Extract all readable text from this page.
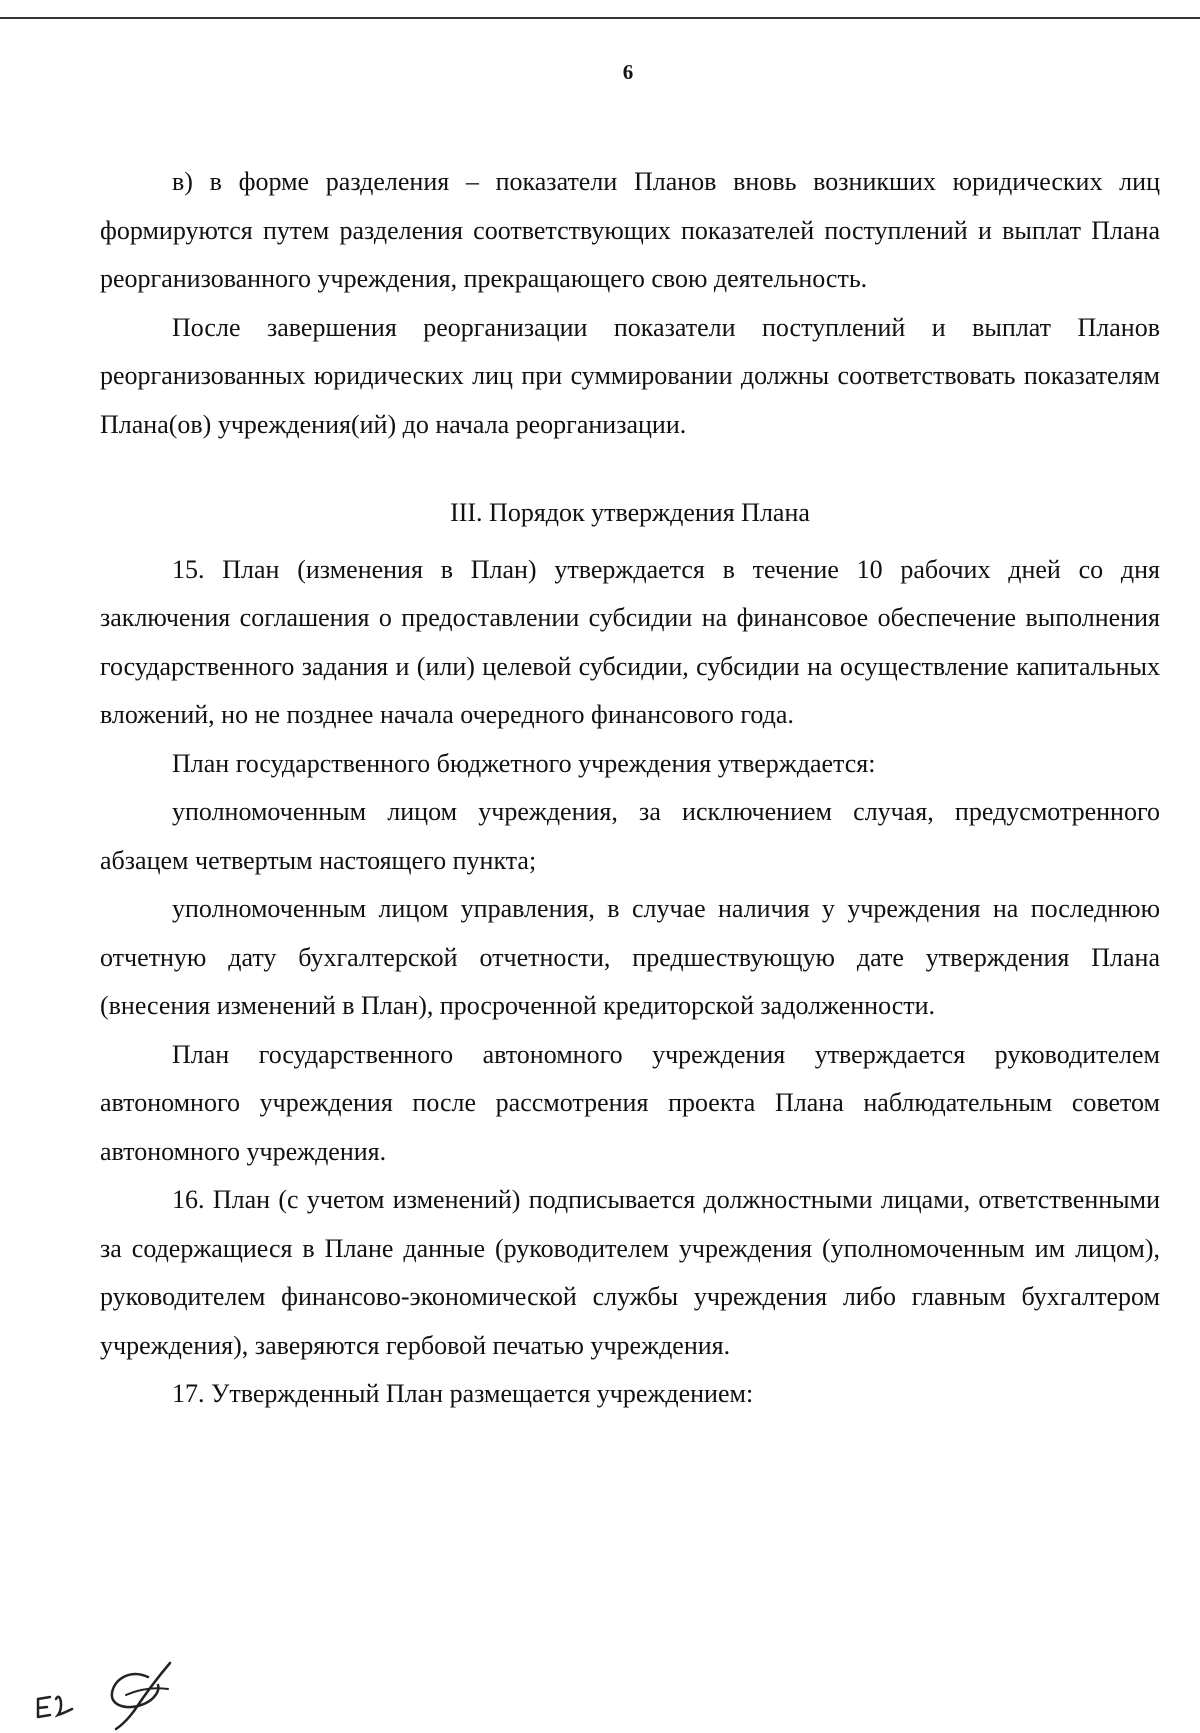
6

в) в форме разделения – показатели Планов вновь возникших юридических лиц формируются путем разделения соответствующих показателей поступлений и выплат Плана реорганизованного учреждения, прекращающего свою деятельность.

После завершения реорганизации показатели поступлений и выплат Планов реорганизованных юридических лиц при суммировании должны соответствовать показателям Плана(ов) учреждения(ий) до начала реорганизации.

III. Порядок утверждения Плана

15. План (изменения в План) утверждается в течение 10 рабочих дней со дня заключения соглашения о предоставлении субсидии на финансовое обеспечение выполнения государственного задания и (или) целевой субсидии, субсидии на осуществление капитальных вложений, но не позднее начала очередного финансового года.

План государственного бюджетного учреждения утверждается:

уполномоченным лицом учреждения, за исключением случая, предусмотренного абзацем четвертым настоящего пункта;

уполномоченным лицом управления, в случае наличия у учреждения на последнюю отчетную дату бухгалтерской отчетности, предшествующую дате утверждения Плана (внесения изменений в План), просроченной кредиторской задолженности.

План государственного автономного учреждения утверждается руководителем автономного учреждения после рассмотрения проекта Плана наблюдательным советом автономного учреждения.

16. План (с учетом изменений) подписывается должностными лицами, ответственными за содержащиеся в Плане данные (руководителем учреждения (уполномоченным им лицом), руководителем финансово-экономической службы учреждения либо главным бухгалтером учреждения), заверяются гербовой печатью учреждения.

17. Утвержденный План размещается учреждением:
